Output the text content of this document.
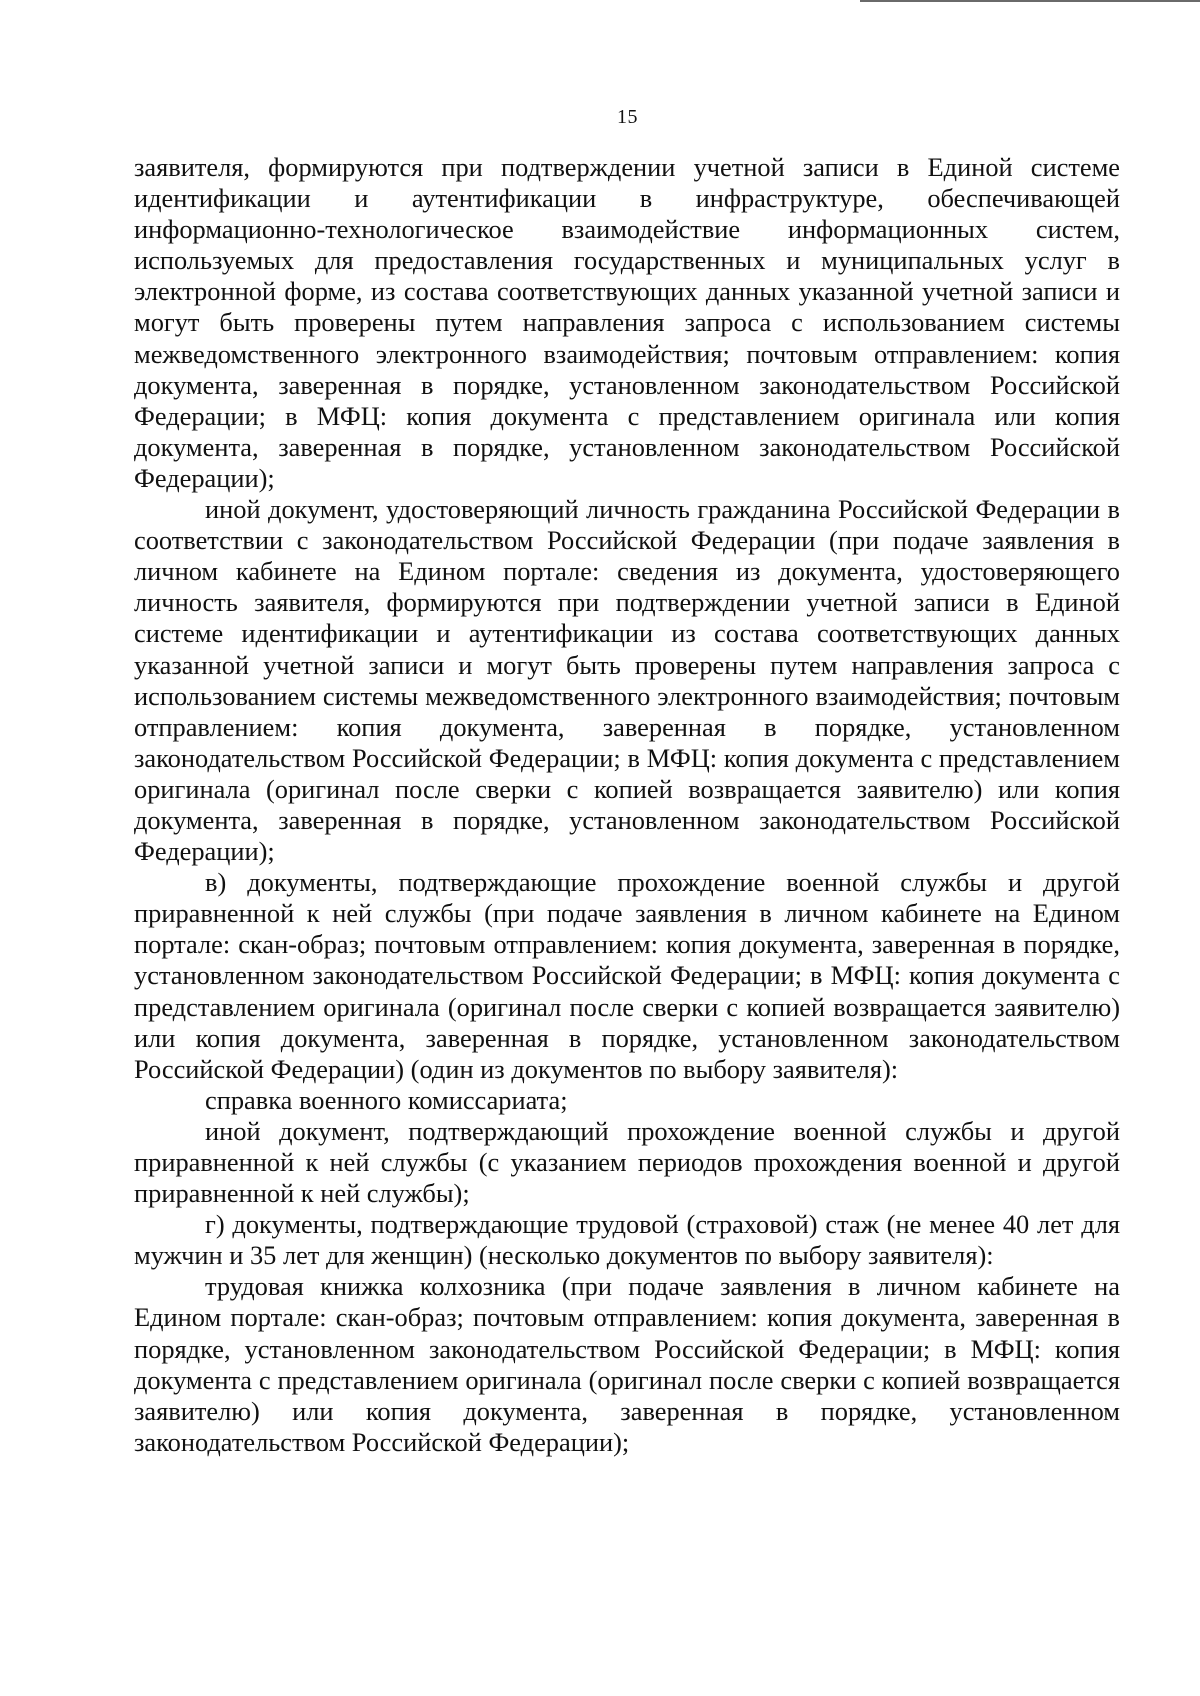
15

заявителя, формируются при подтверждении учетной записи в Единой системе идентификации и аутентификации в инфраструктуре, обеспечивающей информационно-технологическое взаимодействие информационных систем, используемых для предоставления государственных и муниципальных услуг в электронной форме, из состава соответствующих данных указанной учетной записи и могут быть проверены путем направления запроса с использованием системы межведомственного электронного взаимодействия; почтовым отправлением: копия документа, заверенная в порядке, установленном законодательством Российской Федерации; в МФЦ: копия документа с представлением оригинала или копия документа, заверенная в порядке, установленном законодательством Российской Федерации);

иной документ, удостоверяющий личность гражданина Российской Федерации в соответствии с законодательством Российской Федерации (при подаче заявления в личном кабинете на Едином портале: сведения из документа, удостоверяющего личность заявителя, формируются при подтверждении учетной записи в Единой системе идентификации и аутентификации из состава соответствующих данных указанной учетной записи и могут быть проверены путем направления запроса с использованием системы межведомственного электронного взаимодействия; почтовым отправлением: копия документа, заверенная в порядке, установленном законодательством Российской Федерации; в МФЦ: копия документа с представлением оригинала (оригинал после сверки с копией возвращается заявителю) или копия документа, заверенная в порядке, установленном законодательством Российской Федерации);

в) документы, подтверждающие прохождение военной службы и другой приравненной к ней службы (при подаче заявления в личном кабинете на Едином портале: скан-образ; почтовым отправлением: копия документа, заверенная в порядке, установленном законодательством Российской Федерации; в МФЦ: копия документа с представлением оригинала (оригинал после сверки с копией возвращается заявителю) или копия документа, заверенная в порядке, установленном законодательством Российской Федерации) (один из документов по выбору заявителя):

справка военного комиссариата;

иной документ, подтверждающий прохождение военной службы и другой приравненной к ней службы (с указанием периодов прохождения военной и другой приравненной к ней службы);

г) документы, подтверждающие трудовой (страховой) стаж (не менее 40 лет для мужчин и 35 лет для женщин) (несколько документов по выбору заявителя):

трудовая книжка колхозника (при подаче заявления в личном кабинете на Едином портале: скан-образ; почтовым отправлением: копия документа, заверенная в порядке, установленном законодательством Российской Федерации; в МФЦ: копия документа с представлением оригинала (оригинал после сверки с копией возвращается заявителю) или копия документа, заверенная в порядке, установленном законодательством Российской Федерации);
